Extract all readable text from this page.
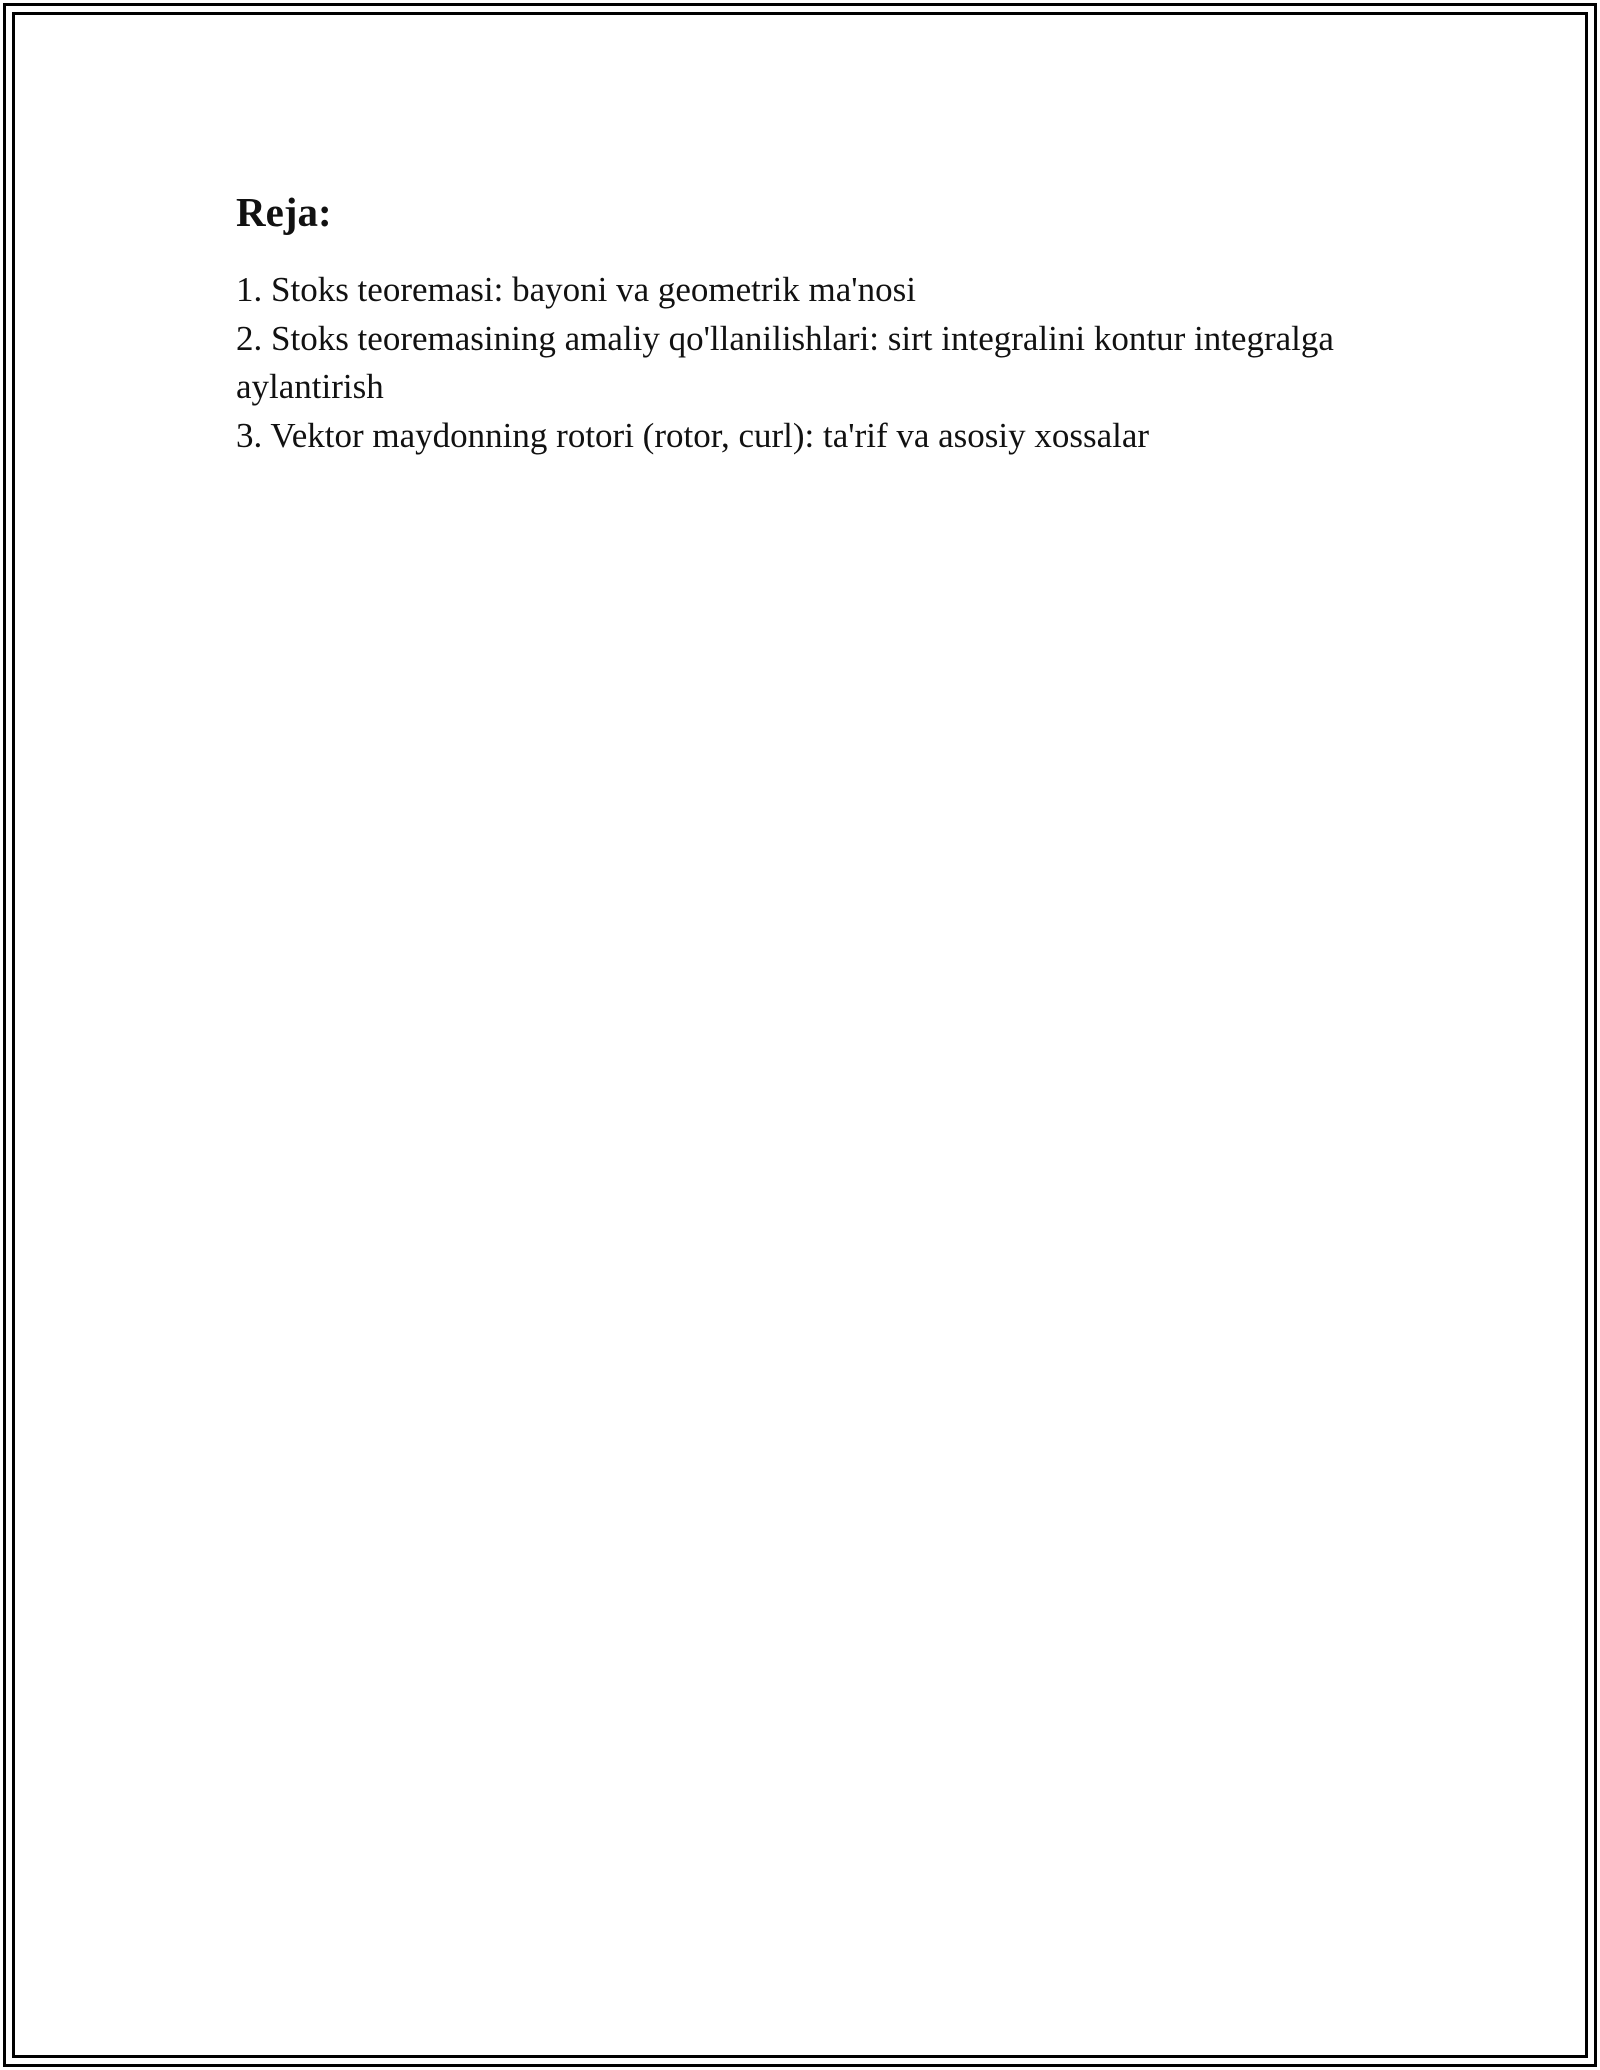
Reja:
1. Stoks teoremasi: bayoni va geometrik ma'nosi
2. Stoks teoremasining amaliy qo'llanilishlari: sirt integralini kontur integralga aylantirish
3. Vektor maydonning rotori (rotor, curl): ta'rif va asosiy xossalar
